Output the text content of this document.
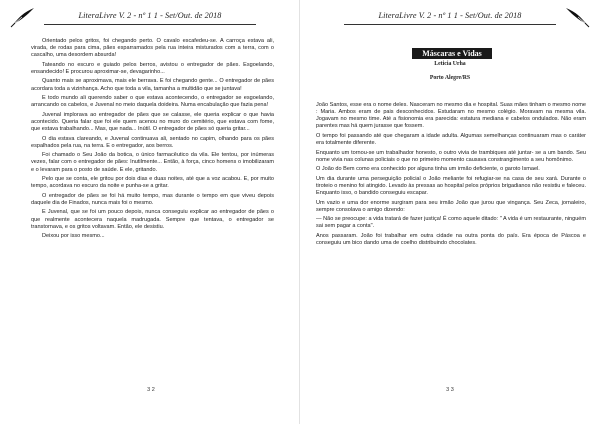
LiteraLivre V. 2 - nº 1 1 - Set/Out. de 2018

Orientado pelos gritos, foi chegando perto. O cavalo escafedeu-se. A carroça estava ali, virada, de rodas para cima, pães esparramados pela rua inteira misturados com a terra, com o cascalho, uma desordem absurda!

Tateando no escuro e guiado pelos berros, avistou o entregador de pães. Esgoelando, ensandecido! E procurou aproximar-se, devagarinho...

Quanto mais se aproximava, mais ele berrava. E foi chegando gente... O entregador de pães acordara toda a vizinhança. Acho que toda a vila, tamanha a multidão que se juntava!

E todo mundo ali querendo saber o que estava acontecendo, o entregador se esgoelando, arrancando os cabelos, e Juvenal no meio daquela doideira. Numa encabulação que fazia pena!

Juvenal implorava ao entregador de pães que se calasse, ele queria explicar o que havia acontecido. Queria falar que foi ele quem acenou no muro do cemitério, que estava com fome, que estava trabalhando... Mas, que nada... Inútil. O entregador de pães só queria gritar...

O dia estava clareando, e Juvenal continuava ali, sentado no capim, olhando para os pães espalhados pela rua, na terra. E o entregador, aos berros.

Foi chamado o Seu João da botica, o único farmacêutico da vila. Ele tentou, por inúmeras vezes, falar com o entregador de pães: Inutilmente... Então, à força, cinco homens o imobilizaram e o levaram para o posto de saúde. E ele, gritando.

Pelo que se conta, ele gritou por dois dias e duas noites, até que a voz acabou. E, por muito tempo, acordava no escuro da noite e punha-se a gritar.

O entregador de pães se foi há muito tempo, mas durante o tempo em que viveu depois daquele dia de Finados, nunca mais foi o mesmo.

E Juvenal, que se foi um pouco depois, nunca conseguiu explicar ao entregador de pães o que realmente acontecera naquela madrugada. Sempre que tentava, o entregador se transtornava, e os gritos voltavam. Então, ele desistiu.

Deixou por isso mesmo...

3 2
LiteraLivre V. 2 - nº 1 1 - Set/Out. de 2018
Máscaras e Vidas
Leticia Urha
Porto Alegre/RS

João Santos, esse era o nome deles. Nasceram no mesmo dia e hospital. Suas mães tinham o mesmo nome : Maria. Ambos eram de pais desconhecidos. Estudaram no mesmo colégio. Moravam na mesma vila. Jogavam no mesmo time. Até a fisionomia era parecida: estatura mediana e cabelos ondulados. Não eram parentes mas há quem jurasse que fossem.

O tempo foi passando até que chegaram a idade adulta. Algumas semelhanças continuaram mas o caráter era totalmente diferente.

Enquanto um tornou-se um trabalhador honesto, o outro vivia de trambiques até juntar- se a um bando. Seu nome vivia nas colunas policiais o que no primeiro momento causava constrangimento a seu homônimo.

O João do Bem como era conhecido por alguns tinha um irmão deficiente, o garoto Ismael.

Um dia durante uma perseguição policial o João meliante foi refugiar-se na casa de seu xará. Durante o tiroteio o menino foi atingido. Levado às pressas ao hospital pelos próprios brigadianos não resistiu e faleceu. Enquanto isso, o bandido conseguiu escapar.

Um vazio e uma dor enorme surgiram para seu irmão João que jurou que vingança. Seu Zeca, jornaleiro, sempre consolava o amigo dizendo:

— Não se preocupe: a vida tratará de fazer justiça! É como aquele ditado: " A vida é um restaurante, ninguém sai sem pagar a conta".

Anos passaram. João foi trabalhar em outra cidade na outra ponta do país. Era época de Páscoa e conseguiu um bico dando uma de coelho distribuindo chocolates.

3 3
